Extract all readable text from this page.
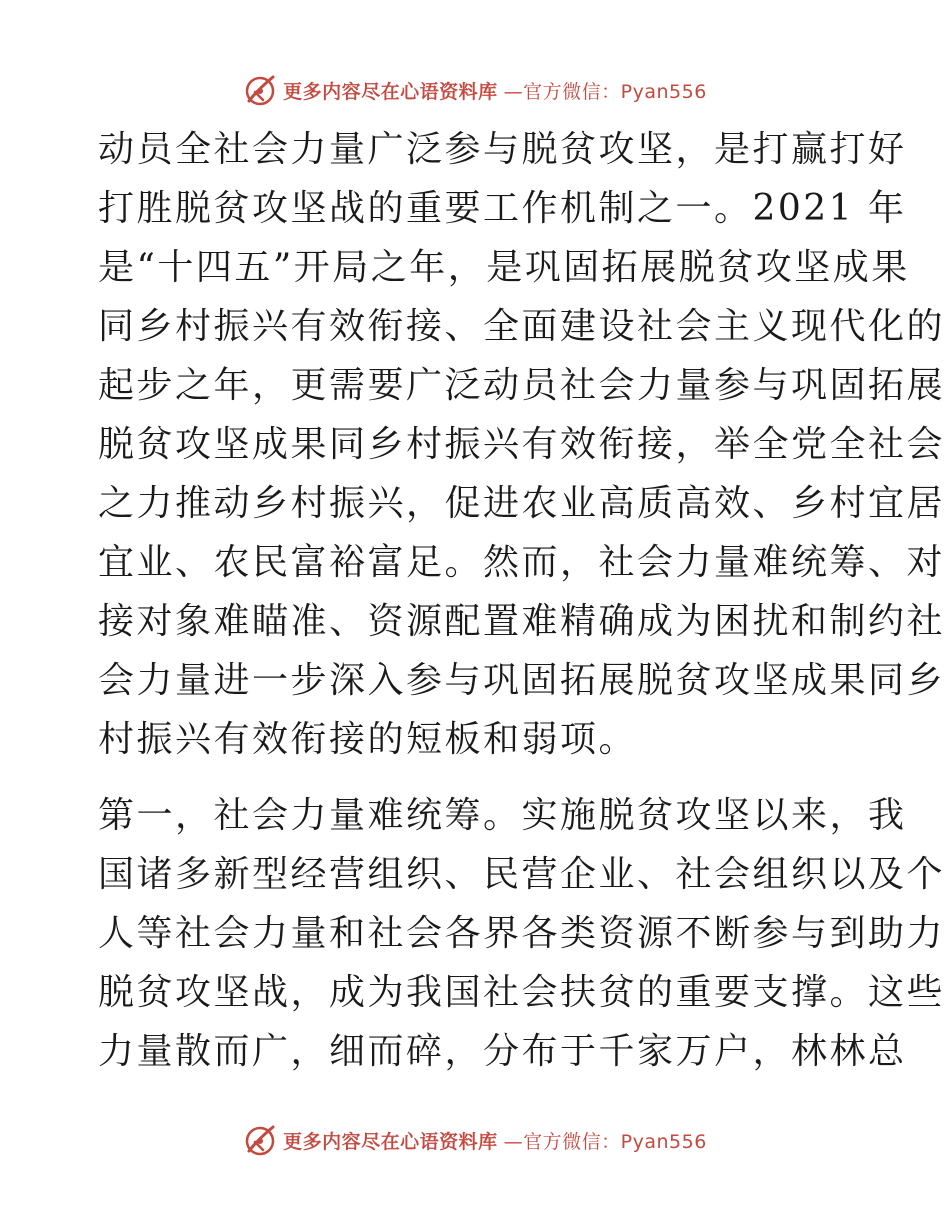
更多内容尽在心语资料库 —官方微信：Pyan556
动员全社会力量广泛参与脱贫攻坚，是打赢打好
打胜脱贫攻坚战的重要工作机制之一。2021 年
是“十四五”开局之年，是巩固拓展脱贫攻坚成果
同乡村振兴有效衔接、全面建设社会主义现代化的
起步之年，更需要广泛动员社会力量参与巩固拓展
脱贫攻坚成果同乡村振兴有效衔接，举全党全社会
之力推动乡村振兴，促进农业高质高效、乡村宜居
宜业、农民富裕富足。然而，社会力量难统筹、对
接对象难瞄准、资源配置难精确成为困扰和制约社
会力量进一步深入参与巩固拓展脱贫攻坚成果同乡
村振兴有效衔接的短板和弱项。
第一，社会力量难统筹。实施脱贫攻坚以来，我
国诸多新型经营组织、民营企业、社会组织以及个
人等社会力量和社会各界各类资源不断参与到助力
脱贫攻坚战，成为我国社会扶贫的重要支撑。这些
力量散而广，细而碎，分布于千家万户，林林总
更多内容尽在心语资料库 —官方微信：Pyan556
